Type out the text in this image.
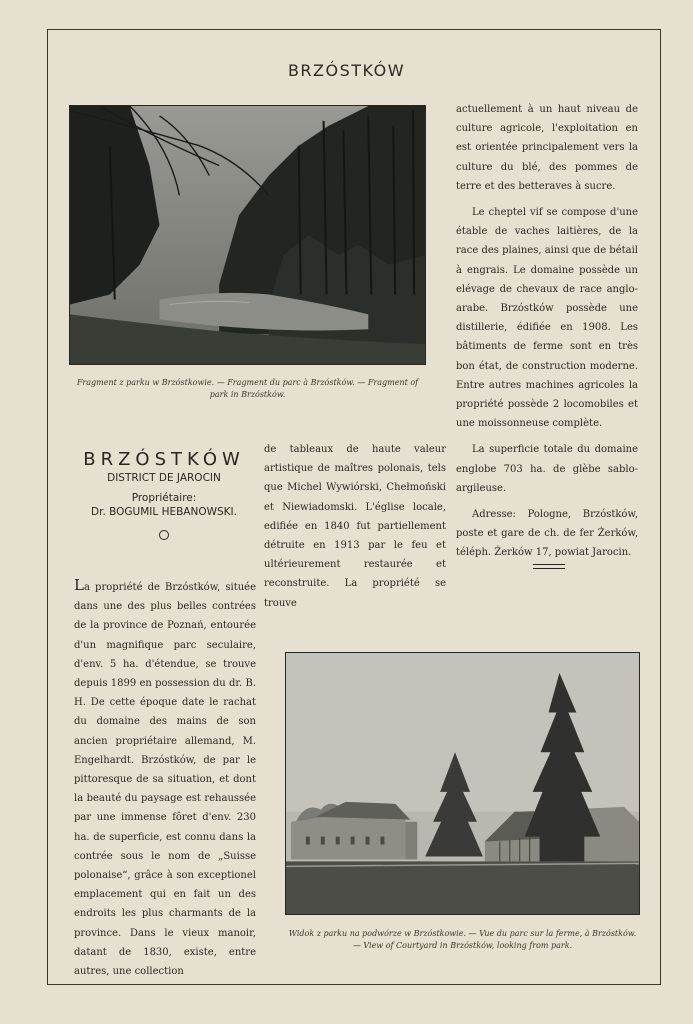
BRZÓSTKÓW
Fragment z parku w Brzóstkowie. — Fragment du parc à Brzóstków. — Fragment of park in Brzóstków.
BRZÓSTKÓW
DISTRICT DE JAROCIN
Propriétaire:
Dr. BOGUMIL HEBANOWSKI.

La propriété de Brzóstków, située dans une des plus belles contrées de la province de Poznań, entourée d'un magnifique parc seculaire, d'env. 5 ha. d'étendue, se trouve depuis 1899 en possession du dr. B. H. De cette époque date le rachat du domaine des mains de son ancien propriétaire allemand, M. Engelhardt. Brzóstków, de par le pittoresque de sa situation, et dont la beauté du paysage est rehaussée par une immense fôret d'env. 230 ha. de superficie, est connu dans la contrée sous le nom de „Suisse polonaise“, grâce à son exceptionel emplacement qui en fait un des endroits les plus charmants de la province. Dans le vieux manoir, datant de 1830, existe, entre autres, une collection

de tableaux de haute valeur artistique de maîtres polonais, tels que Michel Wywiórski, Chełmoński et Niewiadomski. L'église locale, edifiée en 1840 fut partiellement détruite en 1913 par le feu et ultérieurement restaurée et reconstruite. La propriété se trouve

actuellement à un haut niveau de culture agricole, l'exploitation en est orientée principalement vers la culture du blé, des pommes de terre et des betteraves à sucre.

Le cheptel vif se compose d'une étable de vaches laitières, de la race des plaines, ainsi que de bétail à engrais. Le domaine possède un elévage de chevaux de race anglo-arabe. Brzóstków possède une distillerie, édifiée en 1908. Les bâtiments de ferme sont en très bon état, de construction moderne. Entre autres machines agricoles la propriété possède 2 locomobiles et une moissonneuse complète.

La superficie totale du domaine englobe 703 ha. de glèbe sablo-argileuse.

Adresse: Pologne, Brzóstków, poste et gare de ch. de fer Żerków, téléph. Żerków 17, powiat Jarocin.

Widok z parku na podwórze w Brzóstkowie. — Vue du parc sur la ferme, à Brzóstków. — View of Courtyard in Brzóstków, looking from park.
